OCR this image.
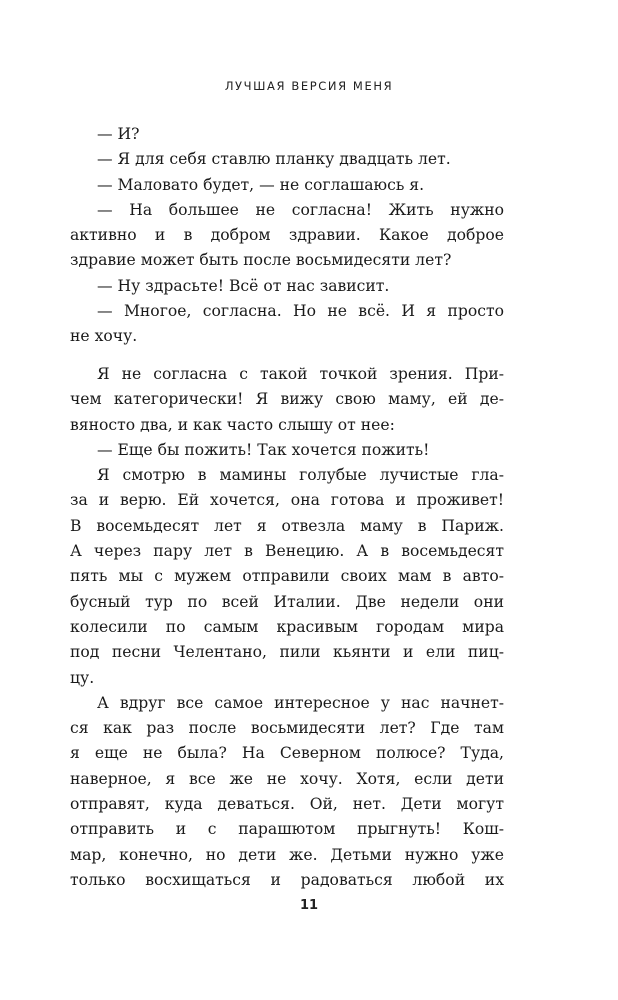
ЛУЧШАЯ ВЕРСИЯ МЕНЯ
— И?
— Я для себя ставлю планку двадцать лет.
— Маловато будет, — не соглашаюсь я.
— На большее не согласна! Жить нужно
активно и в добром здравии. Какое доброе
здравие может быть после восьмидесяти лет?
— Ну здрасьте! Всё от нас зависит.
— Многое, согласна. Но не всё. И я просто
не хочу.
Я не согласна с такой точкой зрения. При-
чем категорически! Я вижу свою маму, ей де-
вяносто два, и как часто слышу от нее:
— Еще бы пожить! Так хочется пожить!
Я смотрю в мамины голубые лучистые гла-
за и верю. Ей хочется, она готова и проживет!
В восемьдесят лет я отвезла маму в Париж.
А через пару лет в Венецию. А в восемьдесят
пять мы с мужем отправили своих мам в авто-
бусный тур по всей Италии. Две недели они
колесили по самым красивым городам мира
под песни Челентано, пили кьянти и ели пиц-
цу.
А вдруг все самое интересное у нас начнет-
ся как раз после восьмидесяти лет? Где там
я еще не была? На Северном полюсе? Туда,
наверное, я все же не хочу. Хотя, если дети
отправят, куда деваться. Ой, нет. Дети могут
отправить и с парашютом прыгнуть! Кош-
мар, конечно, но дети же. Детьми нужно уже
только восхищаться и радоваться любой их
11
